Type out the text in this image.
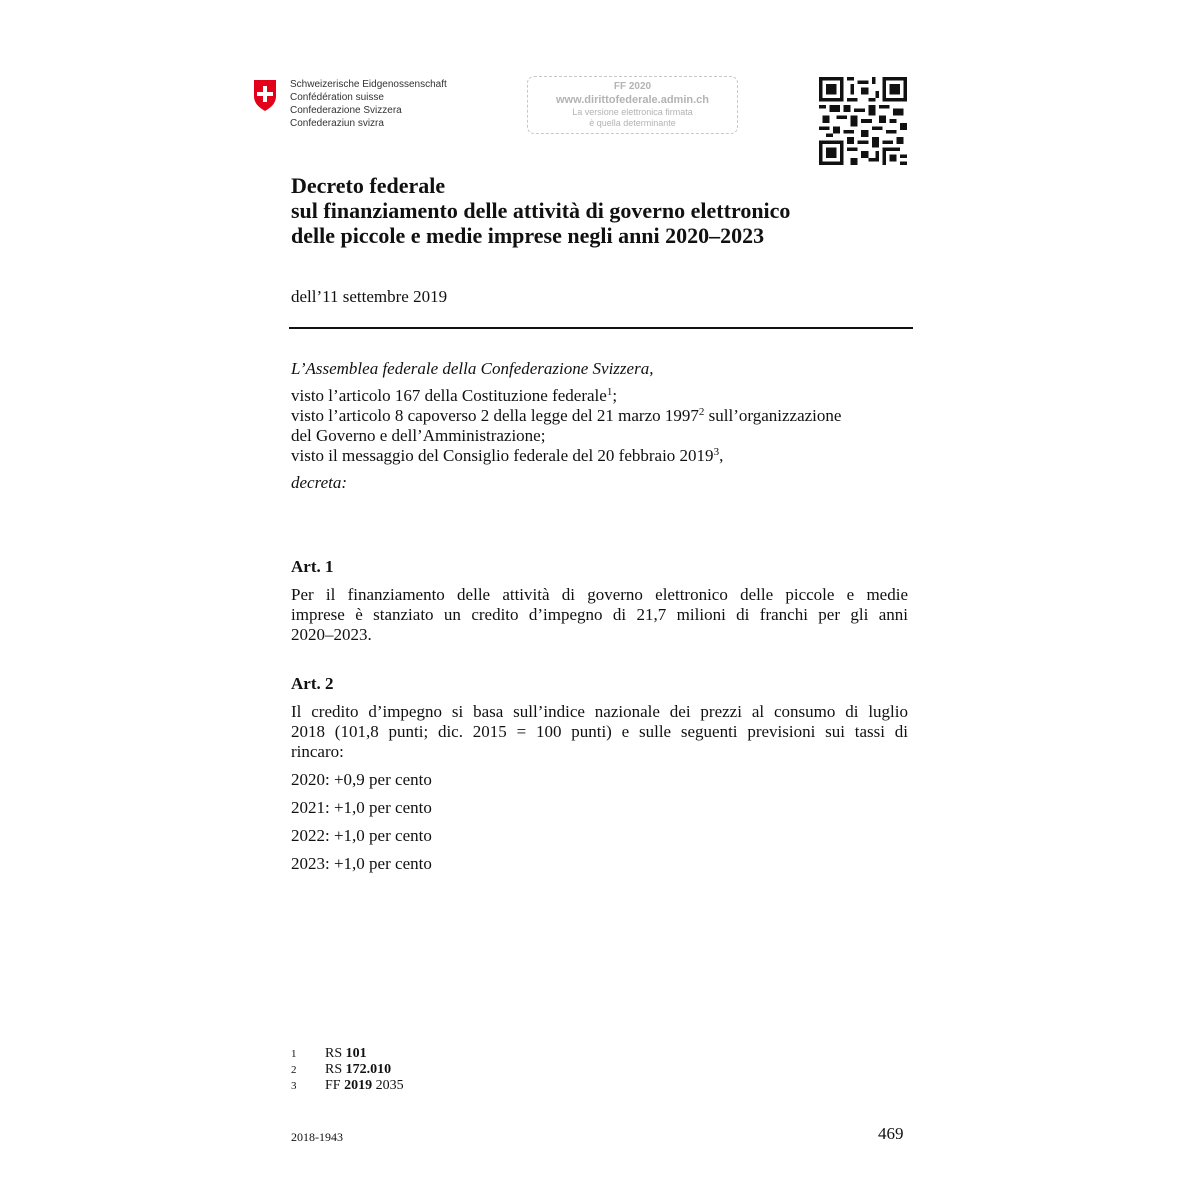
Schweizerische Eidgenossenschaft
Confédération suisse
Confederazione Svizzera
Confederaziun svizra
FF 2020
www.dirittofederale.admin.ch
La versione elettronica firmata
è quella determinante
Decreto federale
sul finanziamento delle attività di governo elettronico
delle piccole e medie imprese negli anni 2020–2023
dell’11 settembre 2019
L’Assemblea federale della Confederazione Svizzera,
visto l’articolo 167 della Costituzione federale$^1$;
visto l’articolo 8 capoverso 2 della legge del 21 marzo 1997$^2$ sull’organizzazione
del Governo e dell’Amministrazione;
visto il messaggio del Consiglio federale del 20 febbraio 2019$^3$,
decreta:
Art. 1
Per il finanziamento delle attività di governo elettronico delle piccole e medie
imprese è stanziato un credito d’impegno di 21,7 milioni di franchi per gli anni
2020–2023.
Art. 2
Il credito d’impegno si basa sull’indice nazionale dei prezzi al consumo di luglio
2018 (101,8 punti; dic. 2015 = 100 punti) e sulle seguenti previsioni sui tassi di
rincaro:
2020: +0,9 per cento
2021: +1,0 per cento
2022: +1,0 per cento
2023: +1,0 per cento
1	RS 101
2	RS 172.010
3	FF 2019 2035
2018-1943	469
